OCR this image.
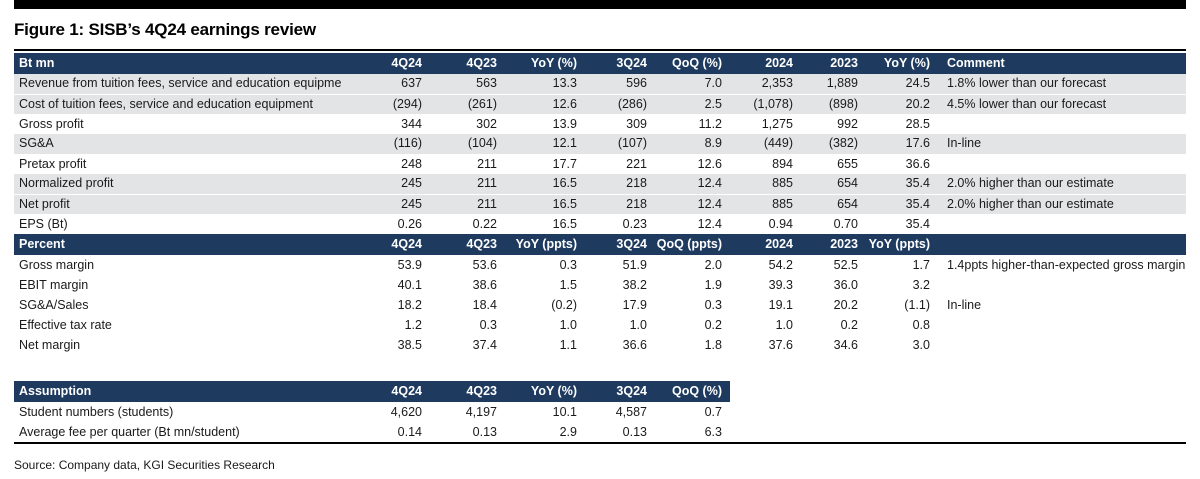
Figure 1: SISB’s 4Q24 earnings review
Bt mn	4Q24	4Q23	YoY (%)	3Q24	QoQ (%)	2024	2023	YoY (%)	Comment
Revenue from tuition fees, service and education equipme	637	563	13.3	596	7.0	2,353	1,889	24.5	1.8% lower than our forecast
Cost of tuition fees, service and education equipment	(294)	(261)	12.6	(286)	2.5	(1,078)	(898)	20.2	4.5% lower than our forecast
Gross profit	344	302	13.9	309	11.2	1,275	992	28.5	
SG&A	(116)	(104)	12.1	(107)	8.9	(449)	(382)	17.6	In-line
Pretax profit	248	211	17.7	221	12.6	894	655	36.6	
Normalized profit	245	211	16.5	218	12.4	885	654	35.4	2.0% higher than our estimate
Net profit	245	211	16.5	218	12.4	885	654	35.4	2.0% higher than our estimate
EPS (Bt)	0.26	0.22	16.5	0.23	12.4	0.94	0.70	35.4	
Percent	4Q24	4Q23	YoY (ppts)	3Q24	QoQ (ppts)	2024	2023	YoY (ppts)	
Gross margin	53.9	53.6	0.3	51.9	2.0	54.2	52.5	1.7	1.4ppts higher-than-expected gross margin
EBIT margin	40.1	38.6	1.5	38.2	1.9	39.3	36.0	3.2	
SG&A/Sales	18.2	18.4	(0.2)	17.9	0.3	19.1	20.2	(1.1)	In-line
Effective tax rate	1.2	0.3	1.0	1.0	0.2	1.0	0.2	0.8	
Net margin	38.5	37.4	1.1	36.6	1.8	37.6	34.6	3.0	
Assumption	4Q24	4Q23	YoY (%)	3Q24	QoQ (%)
Student numbers (students)	4,620	4,197	10.1	4,587	0.7
Average fee per quarter (Bt mn/student)	0.14	0.13	2.9	0.13	6.3
Source: Company data, KGI Securities Research
